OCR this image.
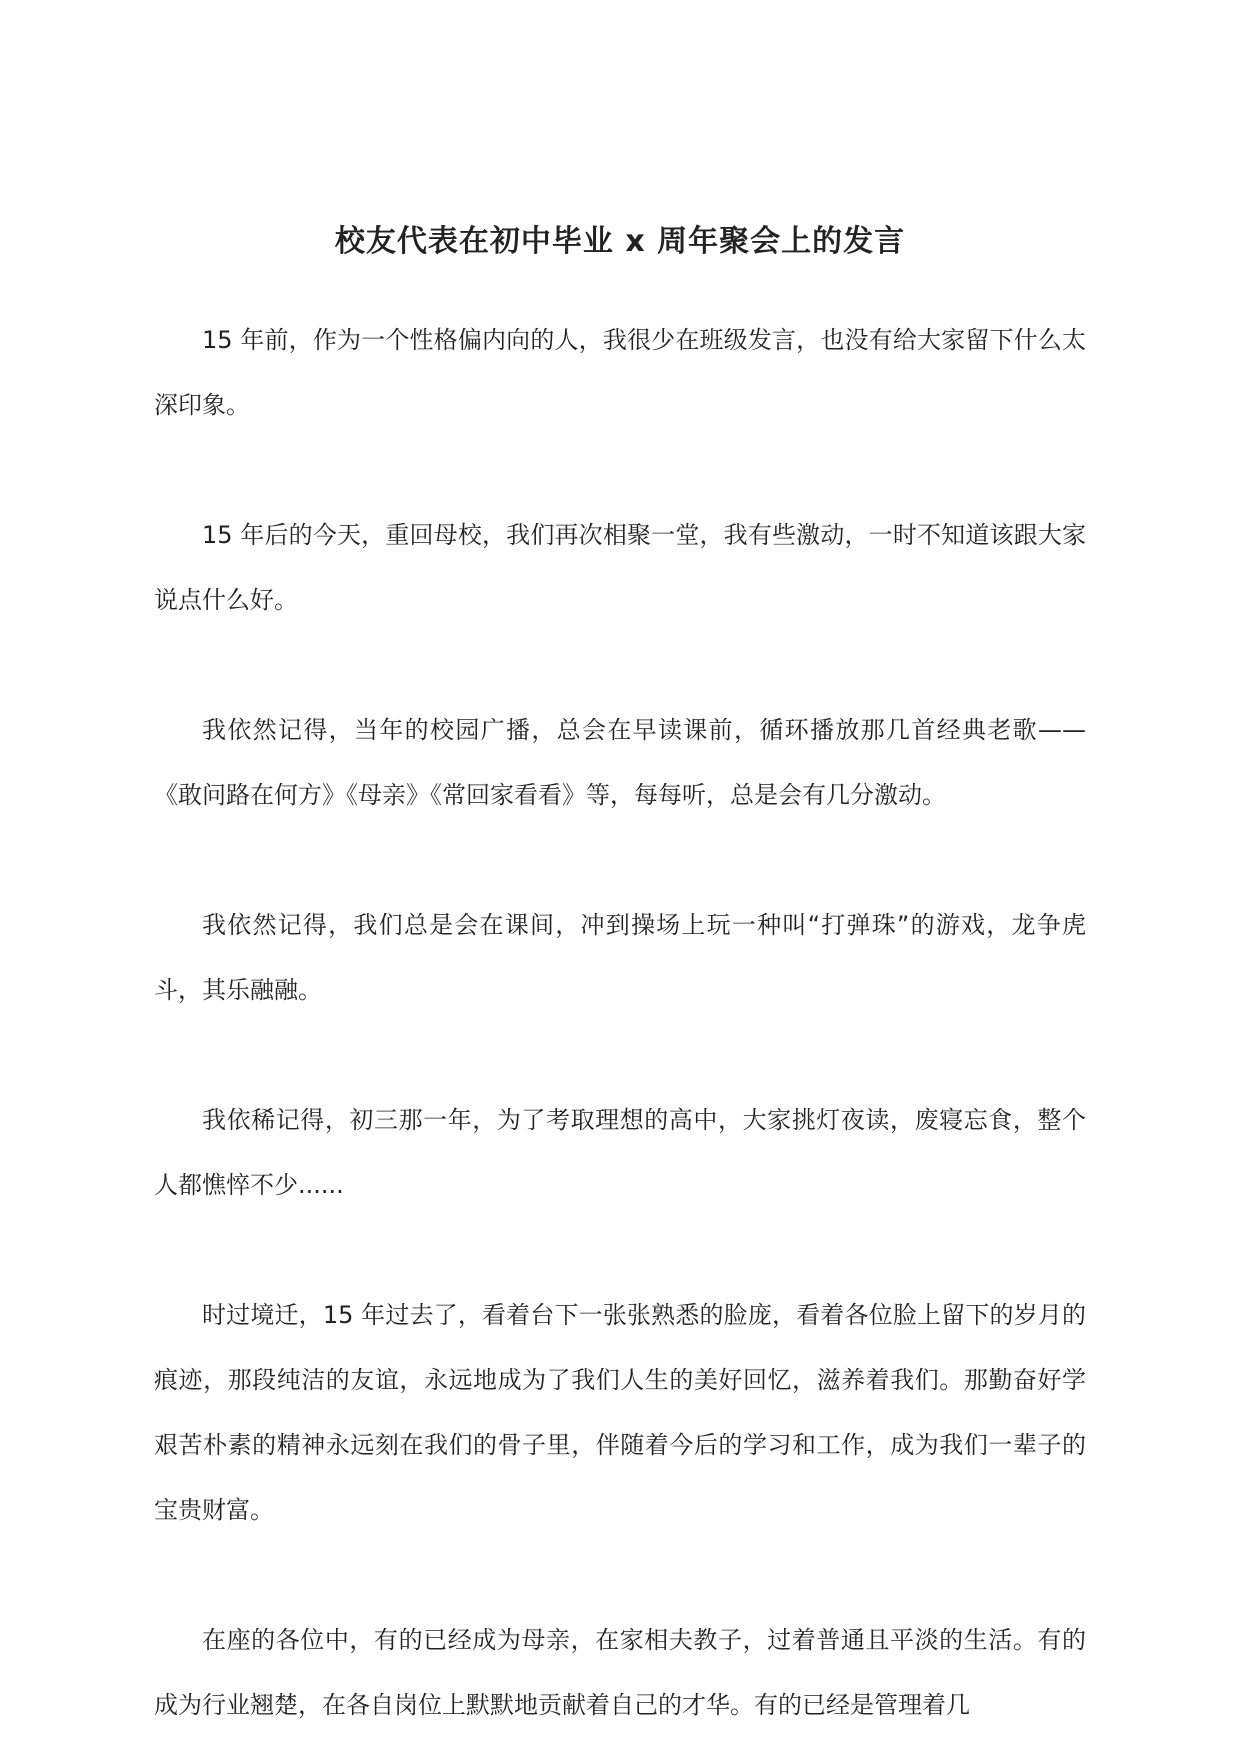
校友代表在初中毕业 x 周年聚会上的发言

15 年前，作为一个性格偏内向的人，我很少在班级发言，也没有给大家留下什么太深印象。

15 年后的今天，重回母校，我们再次相聚一堂，我有些激动，一时不知道该跟大家说点什么好。

我依然记得，当年的校园广播，总会在早读课前，循环播放那几首经典老歌——《敢问路在何方》《母亲》《常回家看看》等，每每听，总是会有几分激动。

我依然记得，我们总是会在课间，冲到操场上玩一种叫“打弹珠”的游戏，龙争虎斗，其乐融融。

我依稀记得，初三那一年，为了考取理想的高中，大家挑灯夜读，废寝忘食，整个人都憔悴不少......

时过境迁，15 年过去了，看着台下一张张熟悉的脸庞，看着各位脸上留下的岁月的痕迹，那段纯洁的友谊，永远地成为了我们人生的美好回忆，滋养着我们。那勤奋好学艰苦朴素的精神永远刻在我们的骨子里，伴随着今后的学习和工作，成为我们一辈子的宝贵财富。

在座的各位中，有的已经成为母亲，在家相夫教子，过着普通且平淡的生活。有的成为行业翘楚，在各自岗位上默默地贡献着自己的才华。有的已经是管理着几
